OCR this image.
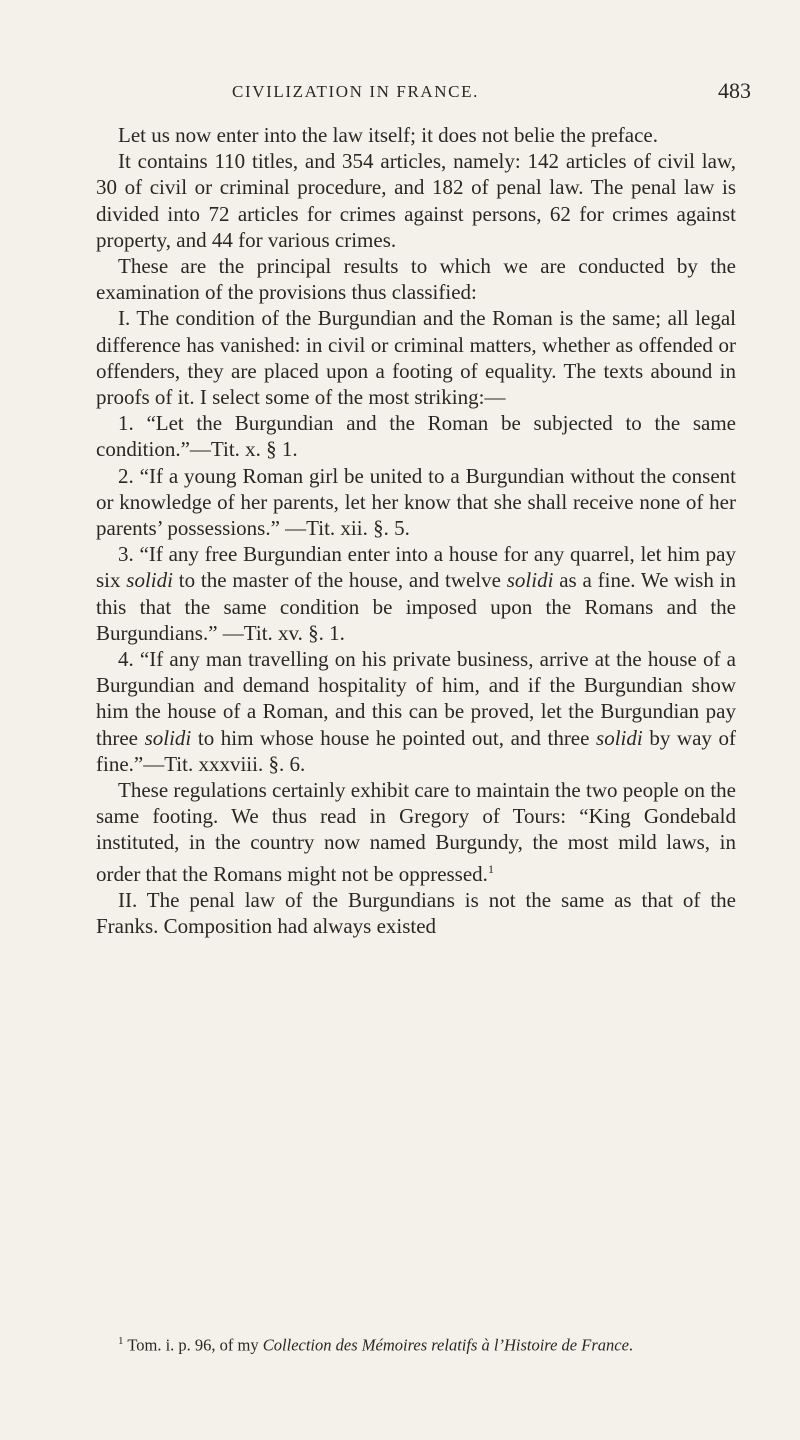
CIVILIZATION IN FRANCE.	483

Let us now enter into the law itself; it does not belie the preface.

It contains 110 titles, and 354 articles, namely: 142 articles of civil law, 30 of civil or criminal procedure, and 182 of penal law. The penal law is divided into 72 articles for crimes against persons, 62 for crimes against property, and 44 for various crimes.

These are the principal results to which we are conducted by the examination of the provisions thus classified:

I. The condition of the Burgundian and the Roman is the same; all legal difference has vanished: in civil or criminal matters, whether as offended or offenders, they are placed upon a footing of equality. The texts abound in proofs of it. I select some of the most striking:—

1. “Let the Burgundian and the Roman be subjected to the same condition.”—Tit. x. § 1.

2. “If a young Roman girl be united to a Burgundian without the consent or knowledge of her parents, let her know that she shall receive none of her parents’ possessions.” —Tit. xii. §. 5.

3. “If any free Burgundian enter into a house for any quarrel, let him pay six solidi to the master of the house, and twelve solidi as a fine. We wish in this that the same condition be imposed upon the Romans and the Burgundians.” —Tit. xv. §. 1.

4. “If any man travelling on his private business, arrive at the house of a Burgundian and demand hospitality of him, and if the Burgundian show him the house of a Roman, and this can be proved, let the Burgundian pay three solidi to him whose house he pointed out, and three solidi by way of fine.”—Tit. xxxviii. §. 6.

These regulations certainly exhibit care to maintain the two people on the same footing. We thus read in Gregory of Tours: “King Gondebald instituted, in the country now named Burgundy, the most mild laws, in order that the Romans might not be oppressed.$^1$

II. The penal law of the Burgundians is not the same as that of the Franks. Composition had always existed

$^1$ Tom. i. p. 96, of my Collection des Mémoires relatifs à l’Histoire de France.
